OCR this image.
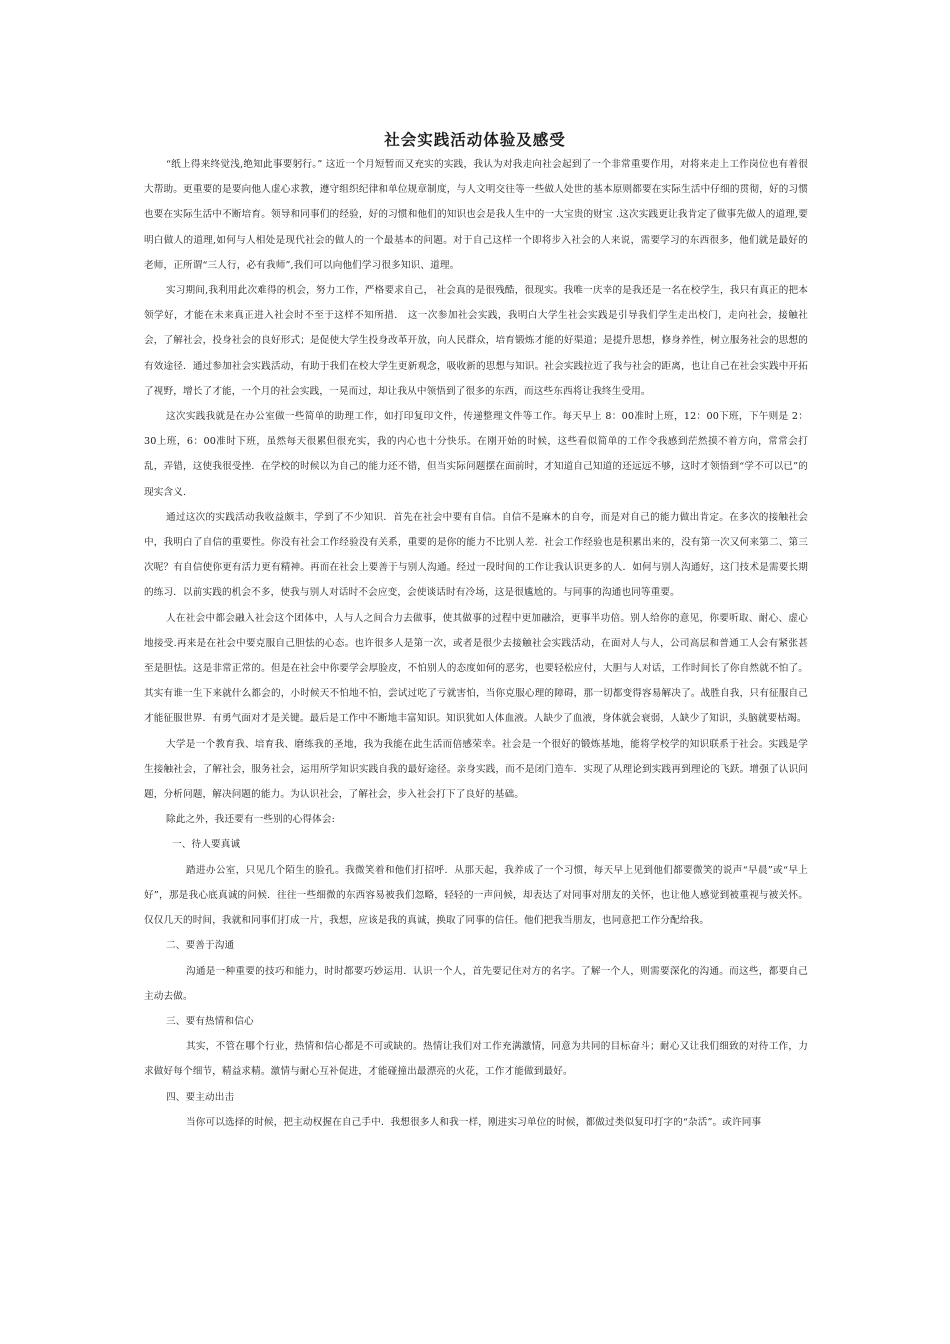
社会实践活动体验及感受

“纸上得来终觉浅,绝知此事要躬行。” 这近一个月短暂而又充实的实践，我认为对我走向社会起到了一个非常重要作用，对将来走上工作岗位也有着很大帮助。更重要的是要向他人虚心求教，遵守组织纪律和单位规章制度，与人文明交往等一些做人处世的基本原则都要在实际生活中仔细的贯彻，好的习惯也要在实际生活中不断培育。领导和同事们的经验，好的习惯和他们的知识也会是我人生中的一大宝贵的财宝 .这次实践更让我肯定了做事先做人的道理,要明白做人的道理,如何与人相处是现代社会的做人的一个最基本的问题。对于自己这样一个即将步入社会的人来说，需要学习的东西很多，他们就是最好的老师，正所谓“三人行，必有我师”,我们可以向他们学习很多知识、道理。

实习期间,我利用此次难得的机会，努力工作，严格要求自己， 社会真的是很残酷，很现实。我唯一庆幸的是我还是一名在校学生，我只有真正的把本领学好，才能在未来真正进入社会时不至于这样不知所措． 这一次参加社会实践，我明白大学生社会实践是引导我们学生走出校门，走向社会，接触社会，了解社会，投身社会的良好形式；是促使大学生投身改革开放，向人民群众，培育锻炼才能的好渠道；是提升思想，修身养性，树立服务社会的思想的有效途径．通过参加社会实践活动，有助于我们在校大学生更新观念，吸收新的思想与知识。社会实践拉近了我与社会的距离，也让自己在社会实践中开拓了视野，增长了才能，一个月的社会实践，一晃而过，却让我从中领悟到了很多的东西，而这些东西将让我终生受用。

这次实践我就是在办公室做一些简单的助理工作，如打印复印文件，传递整理文件等工作。每天早上 8：00准时上班，12：00下班，下午则是 2：30上班，6：00准时下班，虽然每天很累但很充实，我的内心也十分快乐。在刚开始的时候，这些看似简单的工作令我感到茫然摸不着方向，常常会打乱，弄错，这使我很受挫．在学校的时候以为自己的能力还不错，但当实际问题摆在面前时，才知道自己知道的还远远不够，这时才领悟到“学不可以已”的现实含义.

通过这次的实践活动我收益颇丰，学到了不少知识．首先在社会中要有自信。自信不是麻木的自夸，而是对自己的能力做出肯定。在多次的接触社会中，我明白了自信的重要性。你没有社会工作经验没有关系，重要的是你的能力不比别人差．社会工作经验也是积累出来的，没有第一次又何来第二、第三次呢？有自信使你更有活力更有精神。再而在社会上要善于与别人沟通。经过一段时间的工作让我认识更多的人．如何与别人沟通好，这门技术是需要长期的练习．以前实践的机会不多，使我与别人对话时不会应变，会使谈话时有冷场，这是很尴尬的。与同事的沟通也同等重要。

人在社会中都会融入社会这个团体中，人与人之间合力去做事，使其做事的过程中更加融洽，更事半功倍。别人给你的意见，你要听取、耐心、虚心地接受.再来是在社会中要克服自己胆怯的心态。也许很多人是第一次，或者是很少去接触社会实践活动，在面对人与人，公司高层和普通工人会有紧张甚至是胆怯。这是非常正常的。但是在社会中你要学会厚脸皮，不怕别人的态度如何的恶劣，也要轻松应付，大胆与人对话，工作时间长了你自然就不怕了。其实有谁一生下来就什么都会的，小时候天不怕地不怕，尝试过吃了亏就害怕，当你克服心理的障碍，那一切都变得容易解决了。战胜自我，只有征服自己才能征服世界．有勇气面对才是关键。最后是工作中不断地丰富知识。知识犹如人体血液。人缺少了血液，身体就会衰弱，人缺少了知识，头脑就要枯竭。

大学是一个教育我、培育我、磨练我的圣地，我为我能在此生活而倍感荣幸。社会是一个很好的锻炼基地，能将学校学的知识联系于社会。实践是学生接触社会，了解社会，服务社会，运用所学知识实践自我的最好途径。亲身实践，而不是闭门造车．实现了从理论到实践再到理论的飞跃。增强了认识问题，分析问题，解决问题的能力。为认识社会，了解社会，步入社会打下了良好的基础。

除此之外，我还要有一些别的心得体会:

一、待人要真诚

踏进办公室，只见几个陌生的脸孔。我微笑着和他们打招呼．从那天起，我养成了一个习惯，每天早上见到他们都要微笑的说声“早晨”或“早上好”，那是我心底真诚的问候．往往一些细微的东西容易被我们忽略，轻轻的一声问候，却表达了对同事对朋友的关怀，也让他人感觉到被重视与被关怀。仅仅几天的时间，我就和同事们打成一片，我想，应该是我的真诚，换取了同事的信任。他们把我当朋友，也同意把工作分配给我。

二、要善于沟通

沟通是一种重要的技巧和能力，时时都要巧妙运用．认识一个人，首先要记住对方的名字。了解一个人，则需要深化的沟通。而这些，都要自己主动去做。

三、要有热情和信心

其实，不管在哪个行业，热情和信心都是不可或缺的。热情让我们对工作充满激情，同意为共同的目标奋斗；耐心又让我们细致的对待工作，力求做好每个细节，精益求精。激情与耐心互补促进，才能碰撞出最漂亮的火花，工作才能做到最好。

四、要主动出击

当你可以选择的时候，把主动权握在自己手中．我想很多人和我一样，刚进实习单位的时候，都做过类似复印打字的“杂活”。或许同事
